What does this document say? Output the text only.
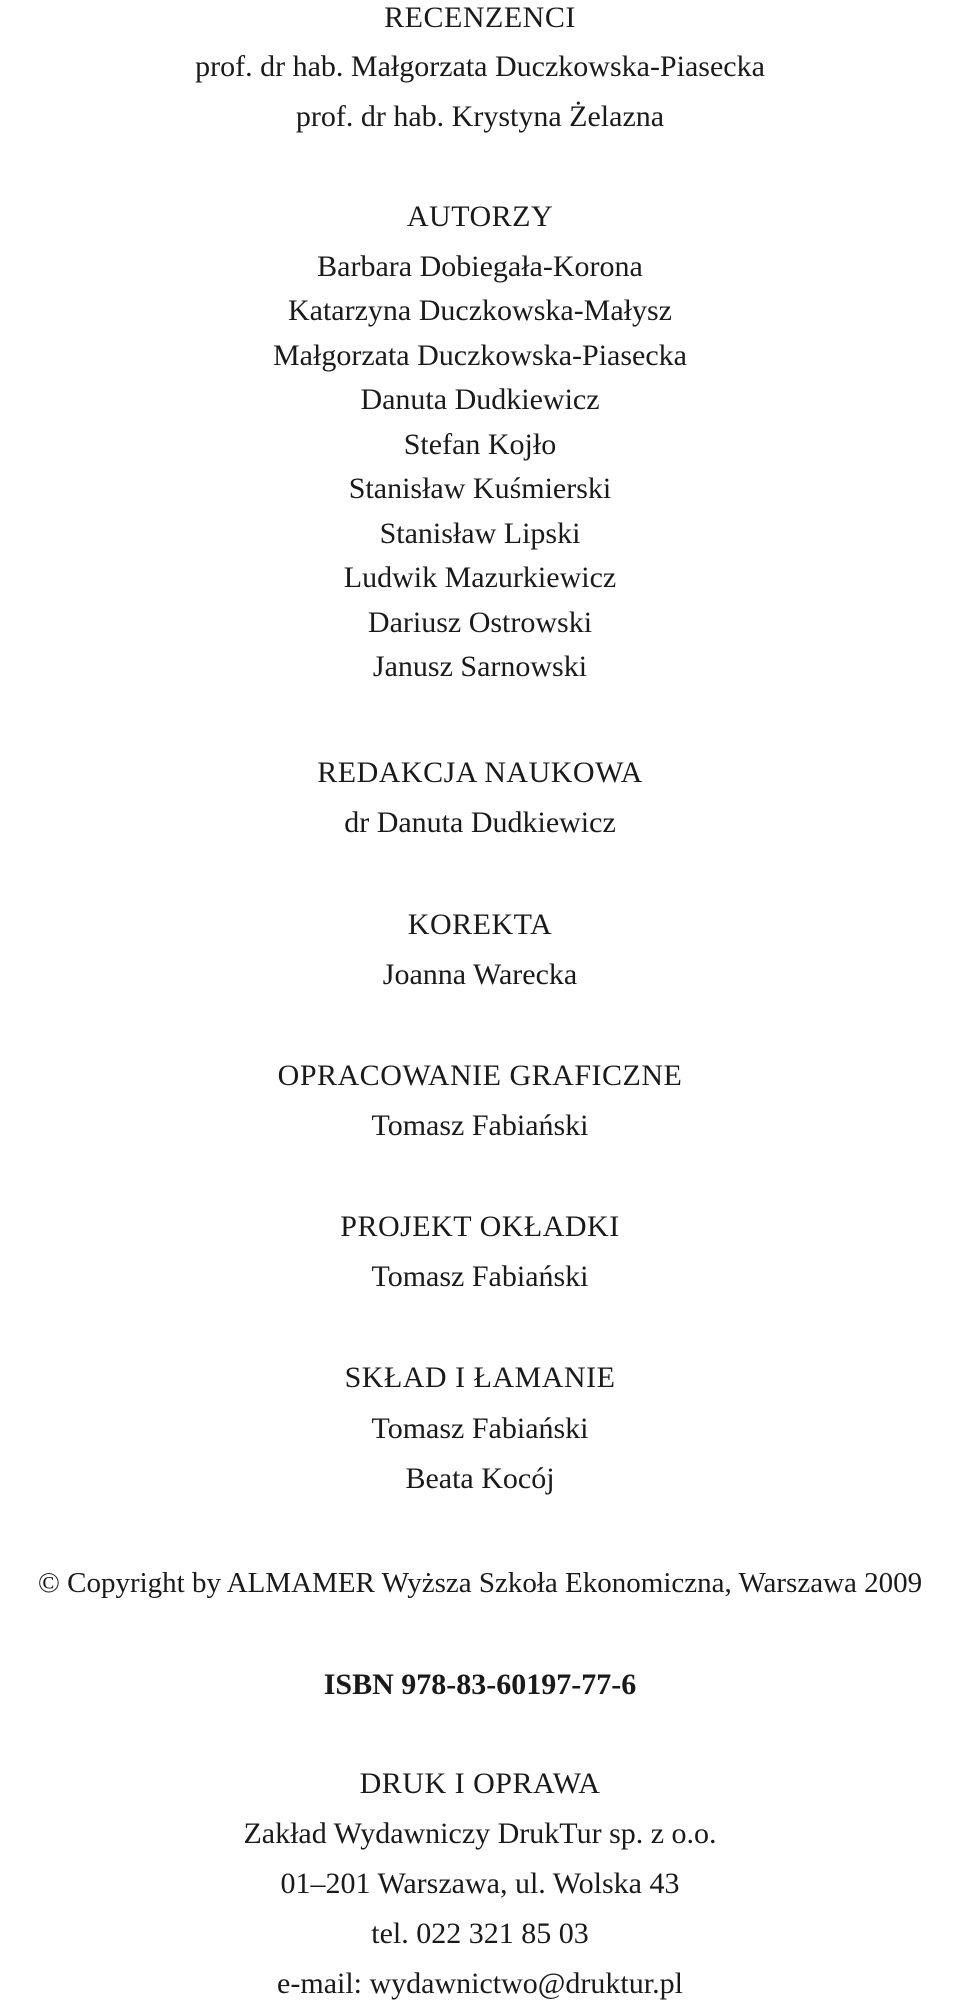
RECENZENCI
prof. dr hab. Małgorzata Duczkowska-Piasecka
prof. dr hab. Krystyna Żelazna
AUTORZY
Barbara Dobiegała-Korona
Katarzyna Duczkowska-Małysz
Małgorzata Duczkowska-Piasecka
Danuta Dudkiewicz
Stefan Kojło
Stanisław Kuśmierski
Stanisław Lipski
Ludwik Mazurkiewicz
Dariusz Ostrowski
Janusz Sarnowski
REDAKCJA NAUKOWA
dr Danuta Dudkiewicz
KOREKTA
Joanna Warecka
OPRACOWANIE GRAFICZNE
Tomasz Fabiański
PROJEKT OKŁADKI
Tomasz Fabiański
SKŁAD I ŁAMANIE
Tomasz Fabiański
Beata Kocój
© Copyright by ALMAMER Wyższa Szkoła Ekonomiczna, Warszawa 2009
ISBN 978-83-60197-77-6
DRUK I OPRAWA
Zakład Wydawniczy DrukTur sp. z o.o.
01–201 Warszawa, ul. Wolska 43
tel. 022 321 85 03
e-mail: wydawnictwo@druktur.pl
